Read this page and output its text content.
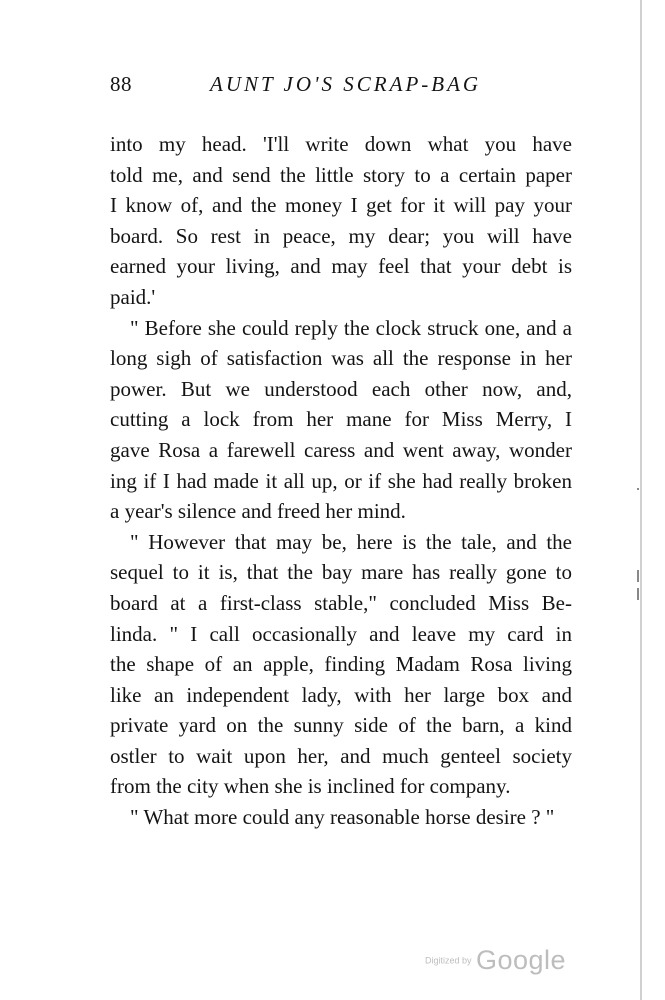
88	AUNT JO'S SCRAP-BAG
into my head. 'I'll write down what you have
told me, and send the little story to a certain paper
I know of, and the money I get for it will pay your
board. So rest in peace, my dear; you will have
earned your living, and may feel that your debt is
paid.'
" Before she could reply the clock struck one, and a
long sigh of satisfaction was all the response in her
power. But we understood each other now, and,
cutting a lock from her mane for Miss Merry, I
gave Rosa a farewell caress and went away, wonder
ing if I had made it all up, or if she had really broken
a year's silence and freed her mind.
" However that may be, here is the tale, and the
sequel to it is, that the bay mare has really gone to
board at a first-class stable," concluded Miss Be-
linda. " I call occasionally and leave my card in
the shape of an apple, finding Madam Rosa living
like an independent lady, with her large box and
private yard on the sunny side of the barn, a kind
ostler to wait upon her, and much genteel society
from the city when she is inclined for company.
" What more could any reasonable horse desire ? "
Digitized by Google
